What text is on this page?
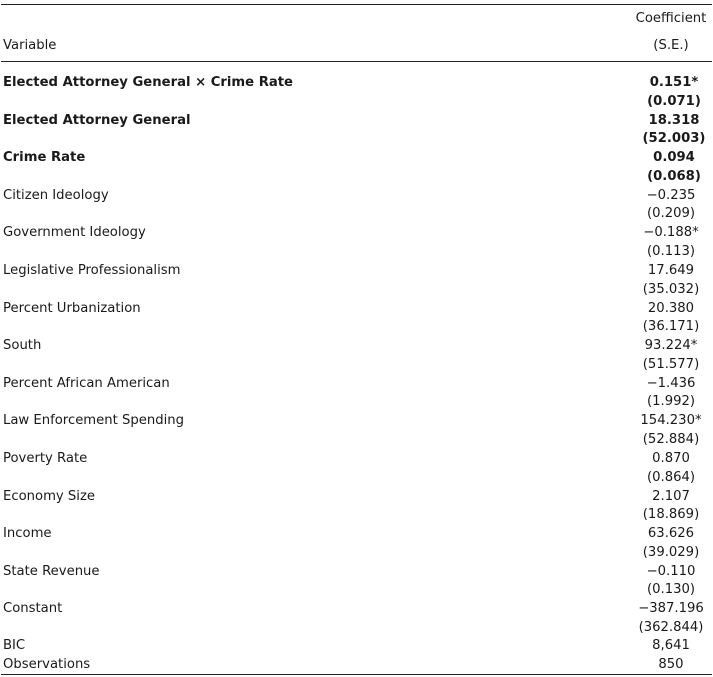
Coefficient
Variable	(S.E.)
Elected Attorney General × Crime Rate	0.151*
(0.071)
Elected Attorney General	18.318
(52.003)
Crime Rate	0.094
(0.068)
Citizen Ideology	−0.235
(0.209)
Government Ideology	−0.188*
(0.113)
Legislative Professionalism	17.649
(35.032)
Percent Urbanization	20.380
(36.171)
South	93.224*
(51.577)
Percent African American	−1.436
(1.992)
Law Enforcement Spending	154.230*
(52.884)
Poverty Rate	0.870
(0.864)
Economy Size	2.107
(18.869)
Income	63.626
(39.029)
State Revenue	−0.110
(0.130)
Constant	−387.196
(362.844)
BIC	8,641
Observations	850
